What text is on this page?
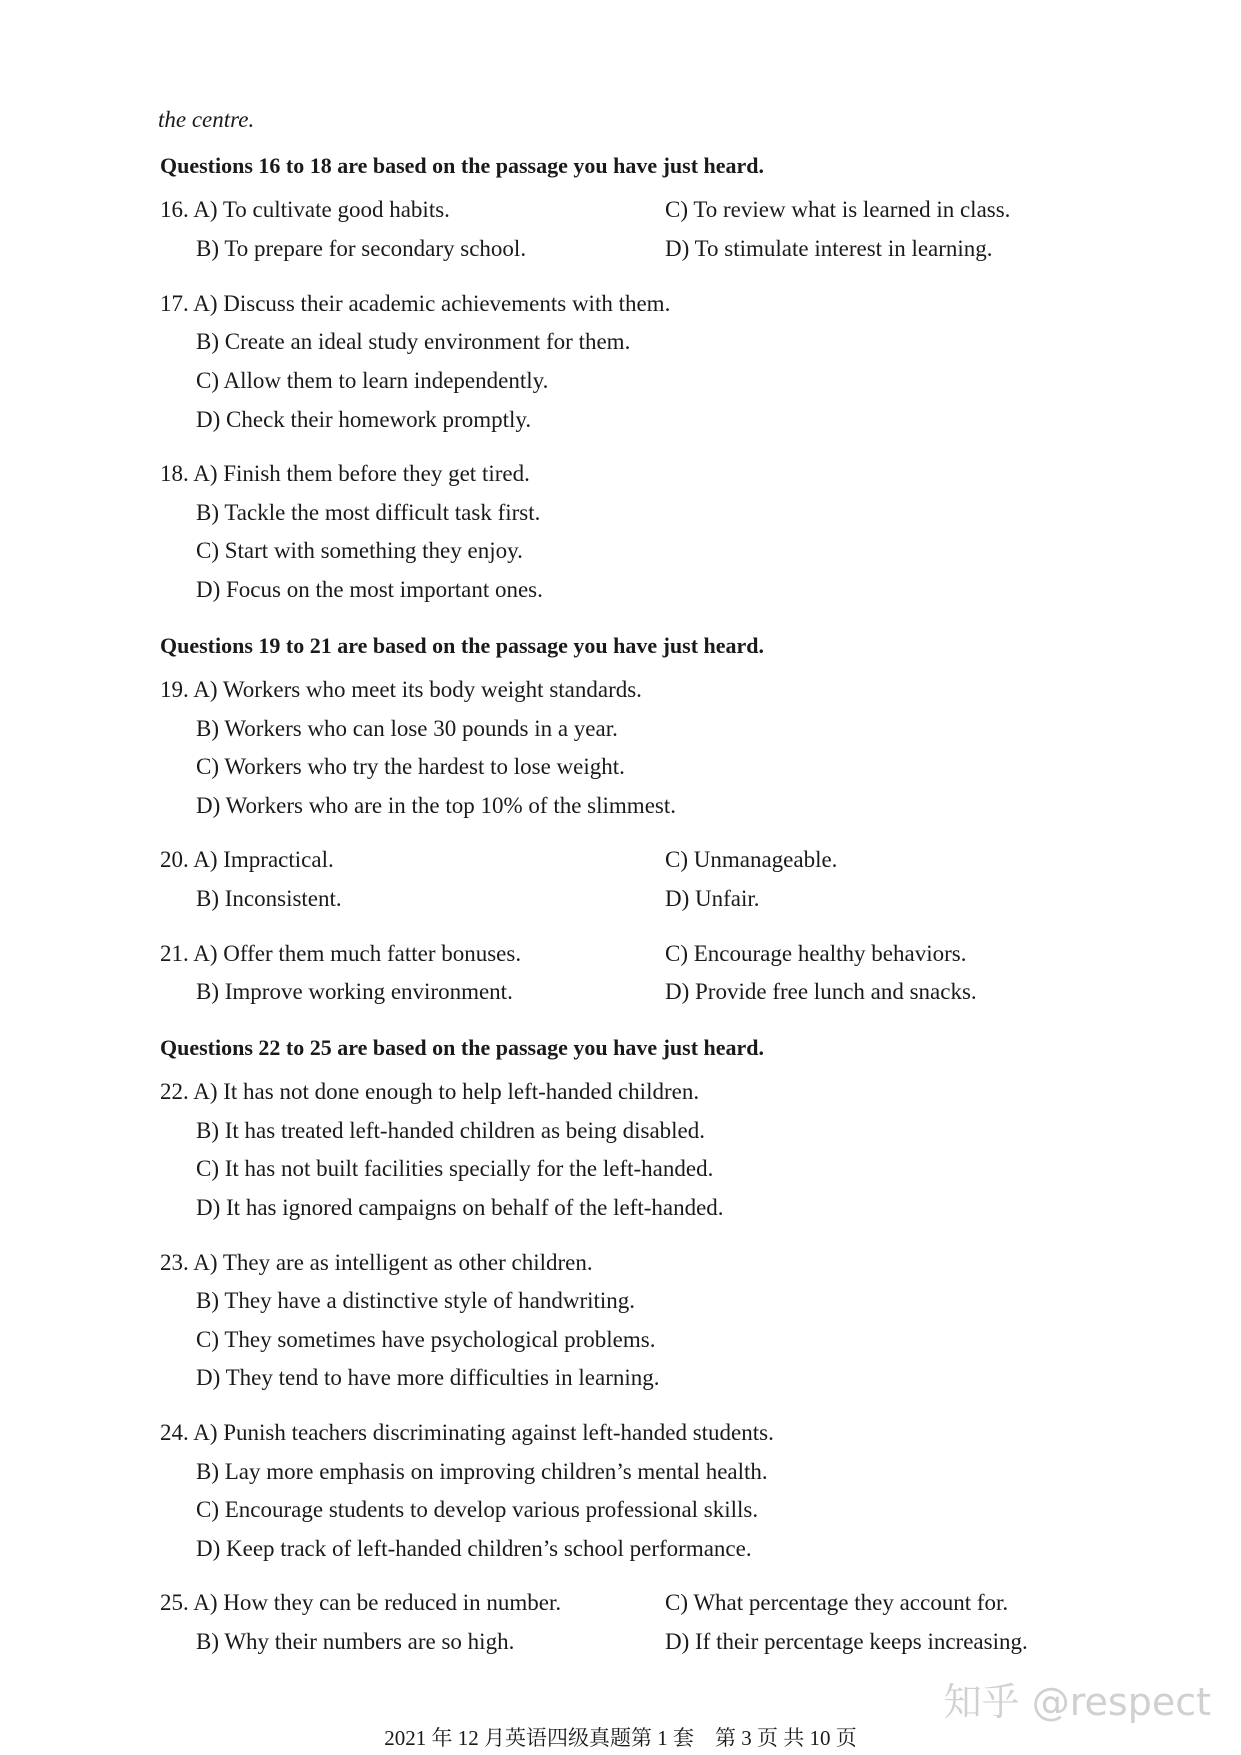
the centre.
Questions 16 to 18 are based on the passage you have just heard.
16. A) To cultivate good habits.	C) To review what is learned in class.
B) To prepare for secondary school.	D) To stimulate interest in learning.
17. A) Discuss their academic achievements with them.
B) Create an ideal study environment for them.
C) Allow them to learn independently.
D) Check their homework promptly.
18. A) Finish them before they get tired.
B) Tackle the most difficult task first.
C) Start with something they enjoy.
D) Focus on the most important ones.
Questions 19 to 21 are based on the passage you have just heard.
19. A) Workers who meet its body weight standards.
B) Workers who can lose 30 pounds in a year.
C) Workers who try the hardest to lose weight.
D) Workers who are in the top 10% of the slimmest.
20. A) Impractical.	C) Unmanageable.
B) Inconsistent.	D) Unfair.
21. A) Offer them much fatter bonuses.	C) Encourage healthy behaviors.
B) Improve working environment.	D) Provide free lunch and snacks.
Questions 22 to 25 are based on the passage you have just heard.
22. A) It has not done enough to help left-handed children.
B) It has treated left-handed children as being disabled.
C) It has not built facilities specially for the left-handed.
D) It has ignored campaigns on behalf of the left-handed.
23. A) They are as intelligent as other children.
B) They have a distinctive style of handwriting.
C) They sometimes have psychological problems.
D) They tend to have more difficulties in learning.
24. A) Punish teachers discriminating against left-handed students.
B) Lay more emphasis on improving children’s mental health.
C) Encourage students to develop various professional skills.
D) Keep track of left-handed children’s school performance.
25. A) How they can be reduced in number.	C) What percentage they account for.
B) Why their numbers are so high.	D) If their percentage keeps increasing.
2021 年 12 月英语四级真题第 1 套　第 3 页 共 10 页
知乎 @respect
